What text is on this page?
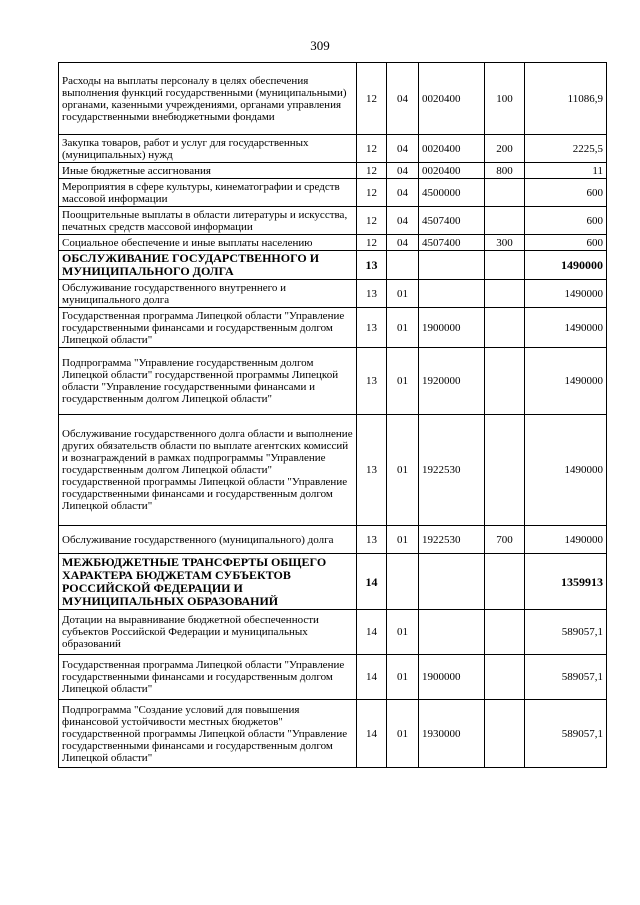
309
Расходы на выплаты персоналу в целях обеспечения выполнения функций государственными (муниципальными) органами, казенными учреждениями, органами управления государственными внебюджетными фондами	12	04	0020400	100	11086,9
Закупка товаров, работ и услуг для государственных (муниципальных) нужд	12	04	0020400	200	2225,5
Иные бюджетные ассигнования	12	04	0020400	800	11
Мероприятия в сфере культуры, кинематографии и средств массовой информации	12	04	4500000		600
Поощрительные выплаты в области литературы и искусства, печатных средств массовой информации	12	04	4507400		600
Социальное обеспечение и иные выплаты населению	12	04	4507400	300	600
ОБСЛУЖИВАНИЕ ГОСУДАРСТВЕННОГО И МУНИЦИПАЛЬНОГО ДОЛГА	13				1490000
Обслуживание государственного внутреннего и муниципального долга	13	01			1490000
Государственная программа Липецкой области "Управление государственными финансами и государственным долгом Липецкой области"	13	01	1900000		1490000
Подпрограмма "Управление государственным долгом Липецкой области" государственной программы Липецкой области "Управление государственными финансами и государственным долгом Липецкой области"	13	01	1920000		1490000
Обслуживание государственного долга области и выполнение других обязательств области по выплате агентских комиссий и вознаграждений в рамках подпрограммы "Управление государственным долгом Липецкой области" государственной программы Липецкой области "Управление государственными финансами и государственным долгом Липецкой области"	13	01	1922530		1490000
Обслуживание государственного (муниципального) долга	13	01	1922530	700	1490000
МЕЖБЮДЖЕТНЫЕ ТРАНСФЕРТЫ ОБЩЕГО ХАРАКТЕРА БЮДЖЕТАМ СУБЪЕКТОВ РОССИЙСКОЙ ФЕДЕРАЦИИ И МУНИЦИПАЛЬНЫХ ОБРАЗОВАНИЙ	14				1359913
Дотации на выравнивание бюджетной обеспеченности субъектов Российской Федерации и муниципальных образований	14	01			589057,1
Государственная программа Липецкой области "Управление государственными финансами и государственным долгом Липецкой области"	14	01	1900000		589057,1
Подпрограмма "Создание условий для повышения финансовой устойчивости местных бюджетов" государственной программы Липецкой области "Управление государственными финансами и государственным долгом Липецкой области"	14	01	1930000		589057,1
